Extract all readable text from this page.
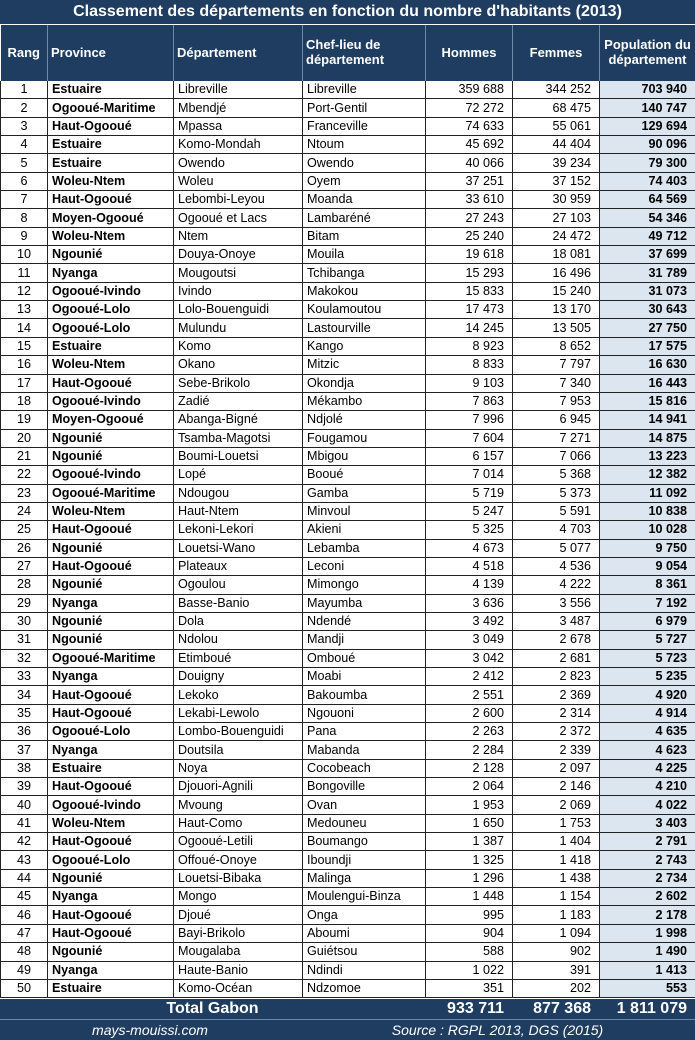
Classement des départements en fonction du nombre d'habitants (2013)
Rang	Province	Département	Chef-lieu de département	Hommes	Femmes	Population du département
1	Estuaire	Libreville	Libreville	359 688	344 252	703 940
2	Ogooué-Maritime	Mbendjé	Port-Gentil	72 272	68 475	140 747
3	Haut-Ogooué	Mpassa	Franceville	74 633	55 061	129 694
4	Estuaire	Komo-Mondah	Ntoum	45 692	44 404	90 096
5	Estuaire	Owendo	Owendo	40 066	39 234	79 300
6	Woleu-Ntem	Woleu	Oyem	37 251	37 152	74 403
7	Haut-Ogooué	Lebombi-Leyou	Moanda	33 610	30 959	64 569
8	Moyen-Ogooué	Ogooué et Lacs	Lambaréné	27 243	27 103	54 346
9	Woleu-Ntem	Ntem	Bitam	25 240	24 472	49 712
10	Ngounié	Douya-Onoye	Mouila	19 618	18 081	37 699
11	Nyanga	Mougoutsi	Tchibanga	15 293	16 496	31 789
12	Ogooué-Ivindo	Ivindo	Makokou	15 833	15 240	31 073
13	Ogooué-Lolo	Lolo-Bouenguidi	Koulamoutou	17 473	13 170	30 643
14	Ogooué-Lolo	Mulundu	Lastourville	14 245	13 505	27 750
15	Estuaire	Komo	Kango	8 923	8 652	17 575
16	Woleu-Ntem	Okano	Mitzic	8 833	7 797	16 630
17	Haut-Ogooué	Sebe-Brikolo	Okondja	9 103	7 340	16 443
18	Ogooué-Ivindo	Zadié	Mékambo	7 863	7 953	15 816
19	Moyen-Ogooué	Abanga-Bigné	Ndjolé	7 996	6 945	14 941
20	Ngounié	Tsamba-Magotsi	Fougamou	7 604	7 271	14 875
21	Ngounié	Boumi-Louetsi	Mbigou	6 157	7 066	13 223
22	Ogooué-Ivindo	Lopé	Booué	7 014	5 368	12 382
23	Ogooué-Maritime	Ndougou	Gamba	5 719	5 373	11 092
24	Woleu-Ntem	Haut-Ntem	Minvoul	5 247	5 591	10 838
25	Haut-Ogooué	Lekoni-Lekori	Akieni	5 325	4 703	10 028
26	Ngounié	Louetsi-Wano	Lebamba	4 673	5 077	9 750
27	Haut-Ogooué	Plateaux	Leconi	4 518	4 536	9 054
28	Ngounié	Ogoulou	Mimongo	4 139	4 222	8 361
29	Nyanga	Basse-Banio	Mayumba	3 636	3 556	7 192
30	Ngounié	Dola	Ndendé	3 492	3 487	6 979
31	Ngounié	Ndolou	Mandji	3 049	2 678	5 727
32	Ogooué-Maritime	Etimboué	Omboué	3 042	2 681	5 723
33	Nyanga	Douigny	Moabi	2 412	2 823	5 235
34	Haut-Ogooué	Lekoko	Bakoumba	2 551	2 369	4 920
35	Haut-Ogooué	Lekabi-Lewolo	Ngouoni	2 600	2 314	4 914
36	Ogooué-Lolo	Lombo-Bouenguidi	Pana	2 263	2 372	4 635
37	Nyanga	Doutsila	Mabanda	2 284	2 339	4 623
38	Estuaire	Noya	Cocobeach	2 128	2 097	4 225
39	Haut-Ogooué	Djouori-Agnili	Bongoville	2 064	2 146	4 210
40	Ogooué-Ivindo	Mvoung	Ovan	1 953	2 069	4 022
41	Woleu-Ntem	Haut-Como	Medouneu	1 650	1 753	3 403
42	Haut-Ogooué	Ogooué-Letili	Boumango	1 387	1 404	2 791
43	Ogooué-Lolo	Offoué-Onoye	Iboundji	1 325	1 418	2 743
44	Ngounié	Louetsi-Bibaka	Malinga	1 296	1 438	2 734
45	Nyanga	Mongo	Moulengui-Binza	1 448	1 154	2 602
46	Haut-Ogooué	Djoué	Onga	995	1 183	2 178
47	Haut-Ogooué	Bayi-Brikolo	Aboumi	904	1 094	1 998
48	Ngounié	Mougalaba	Guiétsou	588	902	1 490
49	Nyanga	Haute-Banio	Ndindi	1 022	391	1 413
50	Estuaire	Komo-Océan	Ndzomoe	351	202	553
Total Gabon	933 711	877 368	1 811 079
mays-mouissi.com	Source : RGPL 2013, DGS (2015)
